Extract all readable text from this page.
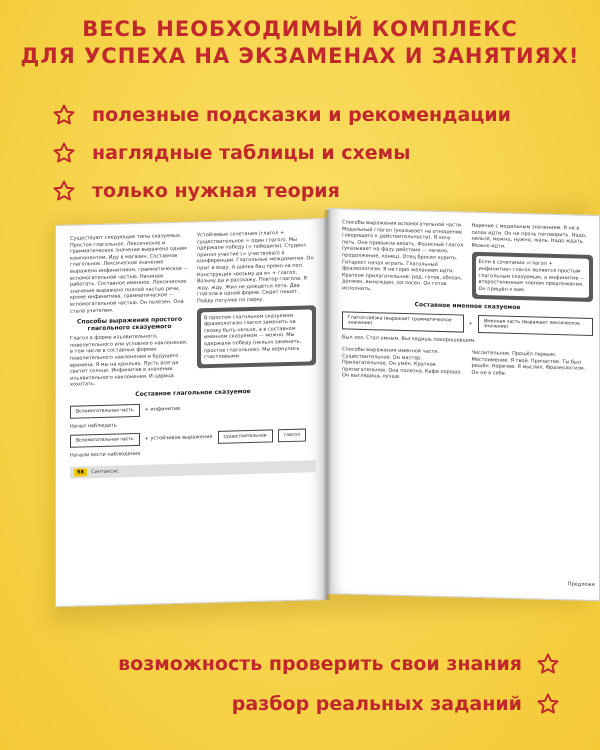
ВЕСЬ НЕОБХОДИМЫЙ КОМПЛЕКС
ДЛЯ УСПЕХА НА ЭКЗАМЕНАХ И ЗАНЯТИЯХ!
полезные подсказки и рекомендации
наглядные таблицы и схемы
только нужная теория
Существуют следующие типы сказуемых.
Простое глагольное. Лексическое и грамматическое значение выражено одним компонентом. Иду в магазин. Составное глагольное. Лексическое значение выражено инфинитивом, грамматическое — вспомогательной частью. Начинаю работать. Составное именное. Лексическое значение выражено полной частью речи, кроме инфинитива, грамматическое — вспомогательной частью. Он полезен. Она стала учителем.
Способы выражения простого глагольного сказуемого
Глагол в форме изъявительного, повелительного или условного наклонения, в том числе в составных формах повелительного наклонения и будущего времени. Я мы на крыльях. Пусть всегда светит солнце. Инфинитив в значении изъявительного наклонения. И царица хохотать.
Устойчивые сочетания (глагол + существительное = один глагол). Мы одержали победу (= победили). Студент принял участие (= участвовал) в конференции. Глагольные междометия. Он прыг в воду. А шапка бац прямо на пол. Конструкция «возьму да и» + глагол. Возьму да и расскажу. Повтор глагола. Я жду, жду. Жил не дождётся лета. Два глагола в одной форме. Сидит пишет. Пойду погуляю по парку.
В простом глагольном сказуемом фразеологизм глагол заменить на связку быть нельзя, а в составном именном сказуемом — можно. Мы одержали победу (нельзя заменить, простое глагольное). Мы вернулись счастливыми.
Составное глагольное сказуемое
Вспомогательная часть	+ инфинитив
Начал наблюдать
Вспомогательная часть	+ устойчивое выражение	существительное	глагол
Начали вести наблюдения
58	Синтаксис
Способы выражения вспомогательной части. Модальный глагол (указывает на отношение говорящего к действительности). Я хочу петь. Она привыкла вязать. Фазисный глагол (указывает на фазу действия — начало, продолжение, конец). Отец бросил курить. Гитарист начал играть. Глагольный фразеологизм. Я не горю желанием идти. Краткое прилагательное: рад, готов, обязан, должен, вынужден, согласен. Он готов исполнить.
Наречие с модальным значением. Я не в силах идти. Он не прочь поговорить. Надо, нельзя, можно, нужно, жаль. Надо ждать. Можно идти.
Если в сочетании «глагол + инфинитив» глагол является простым глагольным сказуемым, а инфинитив — второстепенным членом предложения. Он пришёл к вам.
Составное именное сказуемое
Глагол-связка (выражает грамматическое значение)	+	Именная часть (выражает лексическое значение)
Был зол. Стал умным. Выглядишь похорошевшим.
Способы выражения именной части. Существительное. Он мастер. Прилагательное. Он умён. Краткое прилагательное. Она полезна. Кафе хорошо. Он выглядишь лучше.
Числительное. Прошёл первым. Местоимение. Я твой. Причастие. Ты был решён. Наречие. Я мыслил. Фразеологизм. Он не в себе.
Предложе
возможность проверить свои знания
разбор реальных заданий
